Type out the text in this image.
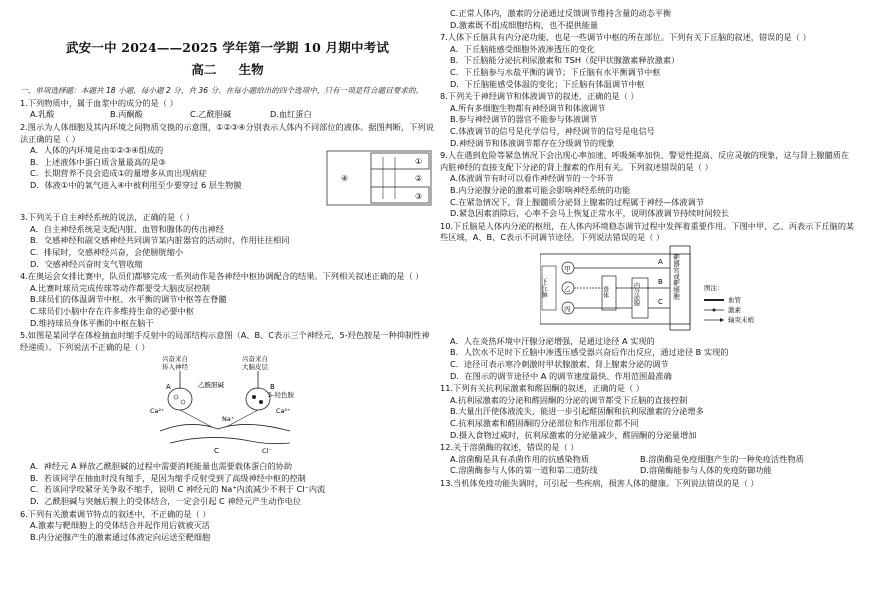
武安一中 2024——2025 学年第一学期 10 月期中考试
高二 生物
一、单项选择题：本题共 18 小题，每小题 2 分，共 36 分。在每小题给出的四个选项中，只有一项是符合题目要求的。
1.下列物质中，属于血浆中的成分的是（ ）
A.乳酸	B.丙酮酸	C.乙酰胆碱	D.血红蛋白
2.图示为人体细胞及其内环境之间物质交换的示意图，①②③④分别表示人体内不同部位的液体。据图判断，下列说法正确的是（ ）
A．人体的内环境是由①②③④组成的
B．上述液体中蛋白质含量最高的是③
C．长期营养不良会造成①的量增多从而出现病症
D．体液①中的氧气进入④中被利用至少要穿过 6 层生物膜
④
①
②
③
3.下列关于自主神经系统的说法，正确的是（ ）
A．自主神经系统是支配内脏、血管和腺体的传出神经
B．交感神经和副交感神经共同调节某内脏器官的活动时，作用往往相同
C．排尿时，交感神经兴奋，会使膀胱缩小
D．交感神经兴奋时支气管收缩
4.在奥运会女排比赛中，队员们都够完成一系列动作是各神经中枢协调配合的结果。下列相关叙述正确的是（ ）
A.比赛时球员完成传球等动作都要受大脑皮层控制
B.球员们的体温调节中枢、水平衡的调节中枢等在脊髓
C.球员们小脑中存在许多维持生命的必要中枢
D.维持球员身体平衡的中枢在脑干
5.如图是某同学在体检抽血时缩手反射中的局部结构示意图（A、B、C表示三个神经元，5-羟色胺是一种抑制性神经递质）。下列说法不正确的是（ ）
兴奋来自
传入神经
兴奋来自
大脑皮层
A	B
乙酰胆碱
5-羟色胺
Ca²⁺	Ca²⁺
Na⁺
C	Cl⁻
A．神经元 A 释放乙酰胆碱的过程中需要消耗能量也需要载体蛋白的协助
B．若该同学在抽血时没有缩手，是因为缩手反射受到了高级神经中枢的控制
C．若该同学咬紧牙关争取不缩手，说明 C 神经元的 Na⁺内流减少不利于 Cl⁻内流
D．乙酰胆碱与突触后膜上的受体结合，一定会引起 C 神经元产生动作电位
6.下列有关激素调节特点的叙述中，不正确的是（ ）
A.激素与靶细胞上的受体结合并起作用后就被灭活
B.内分泌腺产生的激素通过体液定向运送至靶细胞
C.正常人体内，激素的分泌通过反馈调节维持含量的动态平衡
D.激素既不组成细胞结构，也不提供能量
7.人体下丘脑具有内分泌功能，也是一些调节中枢的所在部位。下列有关下丘脑的叙述，错误的是（ ）
A．下丘脑能感受细胞外液渗透压的变化
B．下丘脑能分泌抗利尿激素和 TSH（促甲状腺激素释放激素）
C．下丘脑参与水盐平衡的调节；下丘脑有水平衡调节中枢
D．下丘脑能感受体温的变化；下丘脑有体温调节中枢
8.下列关于神经调节和体液调节的叙述，正确的是（ ）
A.所有多细胞生物都有神经调节和体液调节
B.参与神经调节的器官不能参与体液调节
C.体液调节的信号是化学信号，神经调节的信号是电信号
D.神经调节和体液调节都存在分级调节的现象
9.人在遇到危险等紧急情况下会出现心率加速、呼吸频率加快、警觉性提高、反应灵敏的现象，这与肾上腺髓质在内脏神经的直接支配下分泌的肾上腺素的作用有关。下列叙述错误的是（ ）
A.体液调节有时可以看作神经调节的一个环节
B.内分泌腺分泌的激素可能会影响神经系统的功能
C.在紧急情况下，肾上腺髓质分泌肾上腺素的过程属于神经—体液调节
D.紧急因素消除后，心率不会马上恢复正常水平，说明体液调节持续时间较长
10.下丘脑是人体内分泌的枢纽，在人体内环境稳态调节过程中发挥着重要作用。下图中甲、乙、丙表示下丘脑的某些区域，A、B、C表示不同调节途径。下列说法错误的是（ ）
下丘脑
甲
乙
丙
垂体	内分泌腺	靶器官或靶细胞
A
B
C
图注：
血管
激素
轴突末梢
A．人在炎热环境中汗腺分泌增强，是通过途径 A 实现的
B．人饮水不足时下丘脑中渗透压感受器兴奋后作出反应，通过途径 B 实现的
C．途径可表示寒冷刺激时甲状腺激素、肾上腺素分泌的调节
D．在图示的调节途径中 A 的调节速度最快、作用范围最准确
11.下列有关抗利尿激素和醛固酮的叙述，正确的是（ ）
A.抗利尿激素的分泌和醛固酮的分泌的调节都受下丘脑的直接控制
B.大量出汗使体液流失，能进一步引起醛固酮和抗利尿激素的分泌增多
C.抗利尿激素和醛固酮的分泌部位和作用部位都不同
D.摄入食物过咸时，抗利尿激素的分泌量减少，醛固酮的分泌量增加
12.关于溶菌酶的叙述，错误的是（ ）
A.溶菌酶是具有杀菌作用的抗感染物质	B.溶菌酶是免疫细胞产生的一种免疫活性物质
C.溶菌酶参与人体的第一道和第二道防线	D.溶菌酶能参与人体的免疫防御功能
13.当机体免疫功能失调时，可引起一些疾病，损害人体的健康。下列说法错误的是（ ）
